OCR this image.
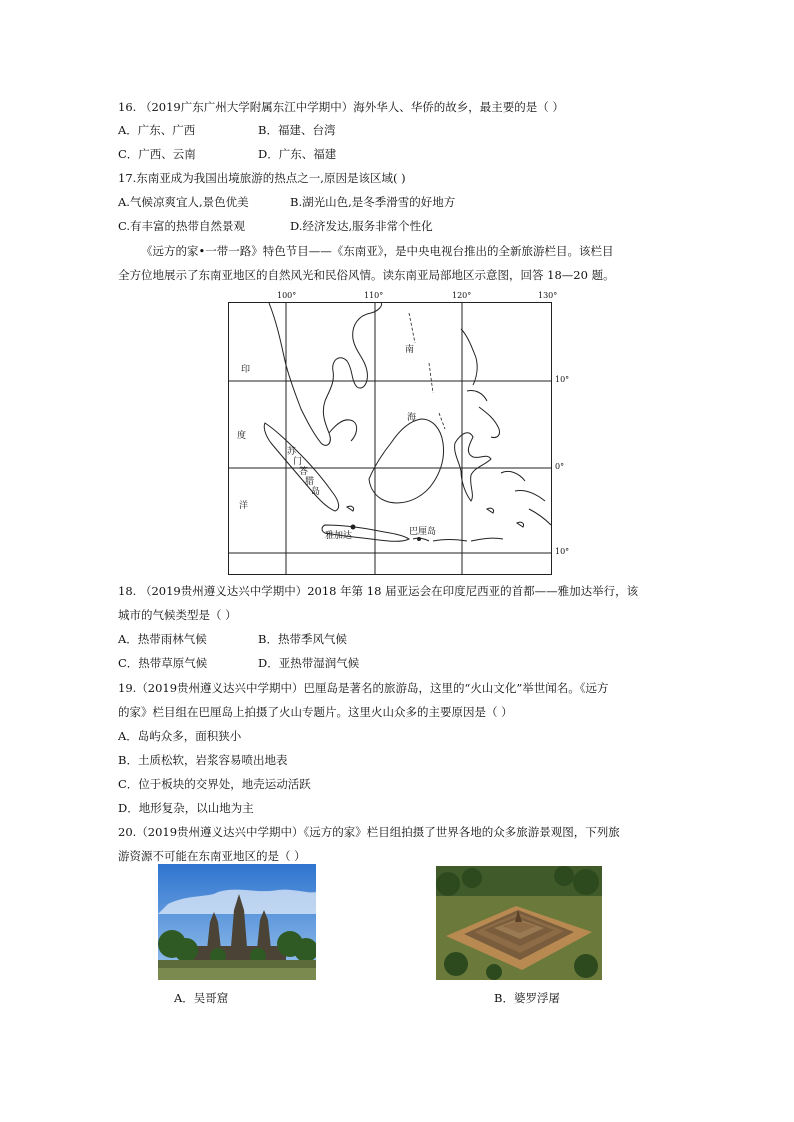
16. （2019广东广州大学附属东江中学期中）海外华人、华侨的故乡，最主要的是（ ）
A．广东、广西	B．福建、台湾
C．广西、云南	D．广东、福建
17.东南亚成为我国出境旅游的热点之一,原因是该区域( )
A.气候凉爽宜人,景色优美	B.湖光山色,是冬季滑雪的好地方
C.有丰富的热带自然景观	D.经济发达,服务非常个性化
《远方的家•一带一路》特色节目——《东南亚》，是中央电视台推出的全新旅游栏目。该栏目
全方位地展示了东南亚地区的自然风光和民俗风情。读东南亚局部地区示意图，回答 18—20 题。
100°	110°	120°	130°
南
海
印
度
洋
苏
门
答
腊
岛
雅加达	巴厘岛
10°
0°
10°
18. （2019贵州遵义达兴中学期中）2018 年第 18 届亚运会在印度尼西亚的首都——雅加达举行，该
城市的气候类型是（ ）
A．热带雨林气候	B．热带季风气候
C．热带草原气候	D．亚热带湿润气候
19.（2019贵州遵义达兴中学期中）巴厘岛是著名的旅游岛，这里的“火山文化”举世闻名。《远方
的家》栏目组在巴厘岛上拍摄了火山专题片。这里火山众多的主要原因是（ ）
A．岛屿众多，面积狭小
B．土质松软，岩浆容易喷出地表
C．位于板块的交界处，地壳运动活跃
D．地形复杂，以山地为主
20.（2019贵州遵义达兴中学期中）《远方的家》栏目组拍摄了世界各地的众多旅游景观图，下列旅
游资源不可能在东南亚地区的是（ ）
A．吴哥窟	B．婆罗浮屠
